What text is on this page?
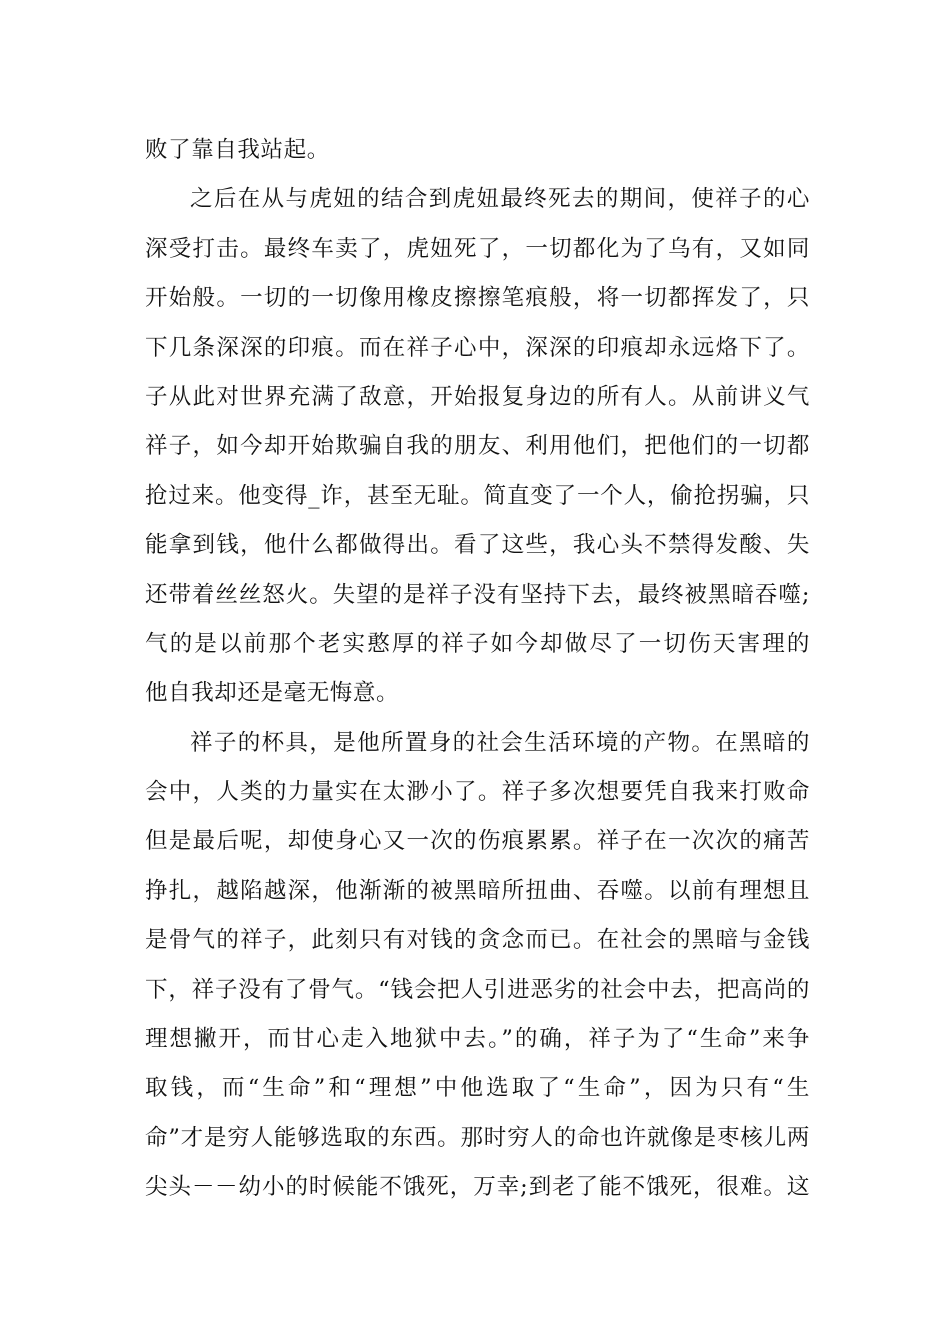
败了靠自我站起。
之后在从与虎妞的结合到虎妞最终死去的期间，使祥子的心
深受打击。最终车卖了，虎妞死了，一切都化为了乌有，又如同
开始般。一切的一切像用橡皮擦擦笔痕般，将一切都挥发了，只
下几条深深的印痕。而在祥子心中，深深的印痕却永远烙下了。
子从此对世界充满了敌意，开始报复身边的所有人。从前讲义气
祥子，如今却开始欺骗自我的朋友、利用他们，把他们的一切都
抢过来。他变得_诈，甚至无耻。简直变了一个人，偷抢拐骗，只
能拿到钱，他什么都做得出。看了这些，我心头不禁得发酸、失
还带着丝丝怒火。失望的是祥子没有坚持下去，最终被黑暗吞噬;
气的是以前那个老实憨厚的祥子如今却做尽了一切伤天害理的
他自我却还是毫无悔意。
祥子的杯具，是他所置身的社会生活环境的产物。在黑暗的
会中，人类的力量实在太渺小了。祥子多次想要凭自我来打败命
但是最后呢，却使身心又一次的伤痕累累。祥子在一次次的痛苦
挣扎，越陷越深，他渐渐的被黑暗所扭曲、吞噬。以前有理想且
是骨气的祥子，此刻只有对钱的贪念而已。在社会的黑暗与金钱
下，祥子没有了骨气。“钱会把人引进恶劣的社会中去，把高尚的
理想撇开，而甘心走入地狱中去。”的确，祥子为了“生命”来争
取钱，而“生命”和“理想”中他选取了“生命”，因为只有“生
命”才是穷人能够选取的东西。那时穷人的命也许就像是枣核儿两
尖头－－幼小的时候能不饿死，万幸;到老了能不饿死，很难。这
